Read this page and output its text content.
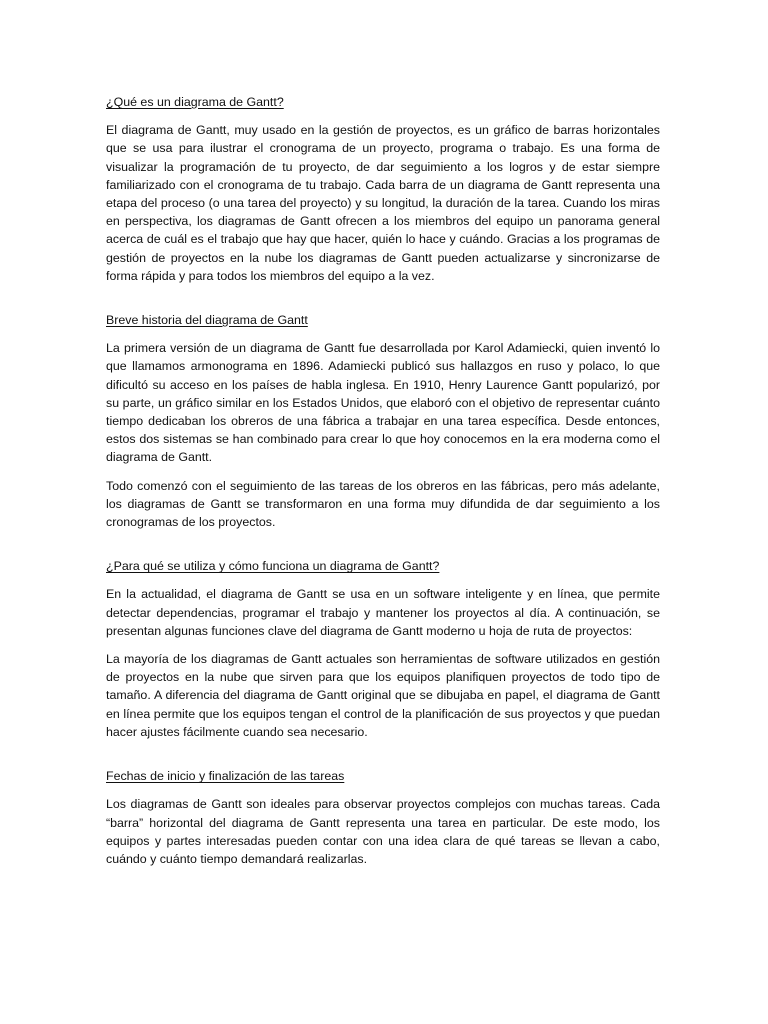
¿Qué es un diagrama de Gantt?

El diagrama de Gantt, muy usado en la gestión de proyectos, es un gráfico de barras horizontales que se usa para ilustrar el cronograma de un proyecto, programa o trabajo. Es una forma de visualizar la programación de tu proyecto, de dar seguimiento a los logros y de estar siempre familiarizado con el cronograma de tu trabajo. Cada barra de un diagrama de Gantt representa una etapa del proceso (o una tarea del proyecto) y su longitud, la duración de la tarea. Cuando los miras en perspectiva, los diagramas de Gantt ofrecen a los miembros del equipo un panorama general acerca de cuál es el trabajo que hay que hacer, quién lo hace y cuándo. Gracias a los programas de gestión de proyectos en la nube los diagramas de Gantt pueden actualizarse y sincronizarse de forma rápida y para todos los miembros del equipo a la vez.

Breve historia del diagrama de Gantt

La primera versión de un diagrama de Gantt fue desarrollada por Karol Adamiecki, quien inventó lo que llamamos armonograma en 1896. Adamiecki publicó sus hallazgos en ruso y polaco, lo que dificultó su acceso en los países de habla inglesa. En 1910, Henry Laurence Gantt popularizó, por su parte, un gráfico similar en los Estados Unidos, que elaboró con el objetivo de representar cuánto tiempo dedicaban los obreros de una fábrica a trabajar en una tarea específica. Desde entonces, estos dos sistemas se han combinado para crear lo que hoy conocemos en la era moderna como el diagrama de Gantt.

Todo comenzó con el seguimiento de las tareas de los obreros en las fábricas, pero más adelante, los diagramas de Gantt se transformaron en una forma muy difundida de dar seguimiento a los cronogramas de los proyectos.

¿Para qué se utiliza y cómo funciona un diagrama de Gantt?

En la actualidad, el diagrama de Gantt se usa en un software inteligente y en línea, que permite detectar dependencias, programar el trabajo y mantener los proyectos al día. A continuación, se presentan algunas funciones clave del diagrama de Gantt moderno u hoja de ruta de proyectos:

La mayoría de los diagramas de Gantt actuales son herramientas de software utilizados en gestión de proyectos en la nube que sirven para que los equipos planifiquen proyectos de todo tipo de tamaño. A diferencia del diagrama de Gantt original que se dibujaba en papel, el diagrama de Gantt en línea permite que los equipos tengan el control de la planificación de sus proyectos y que puedan hacer ajustes fácilmente cuando sea necesario.

Fechas de inicio y finalización de las tareas

Los diagramas de Gantt son ideales para observar proyectos complejos con muchas tareas. Cada “barra” horizontal del diagrama de Gantt representa una tarea en particular. De este modo, los equipos y partes interesadas pueden contar con una idea clara de qué tareas se llevan a cabo, cuándo y cuánto tiempo demandará realizarlas.
